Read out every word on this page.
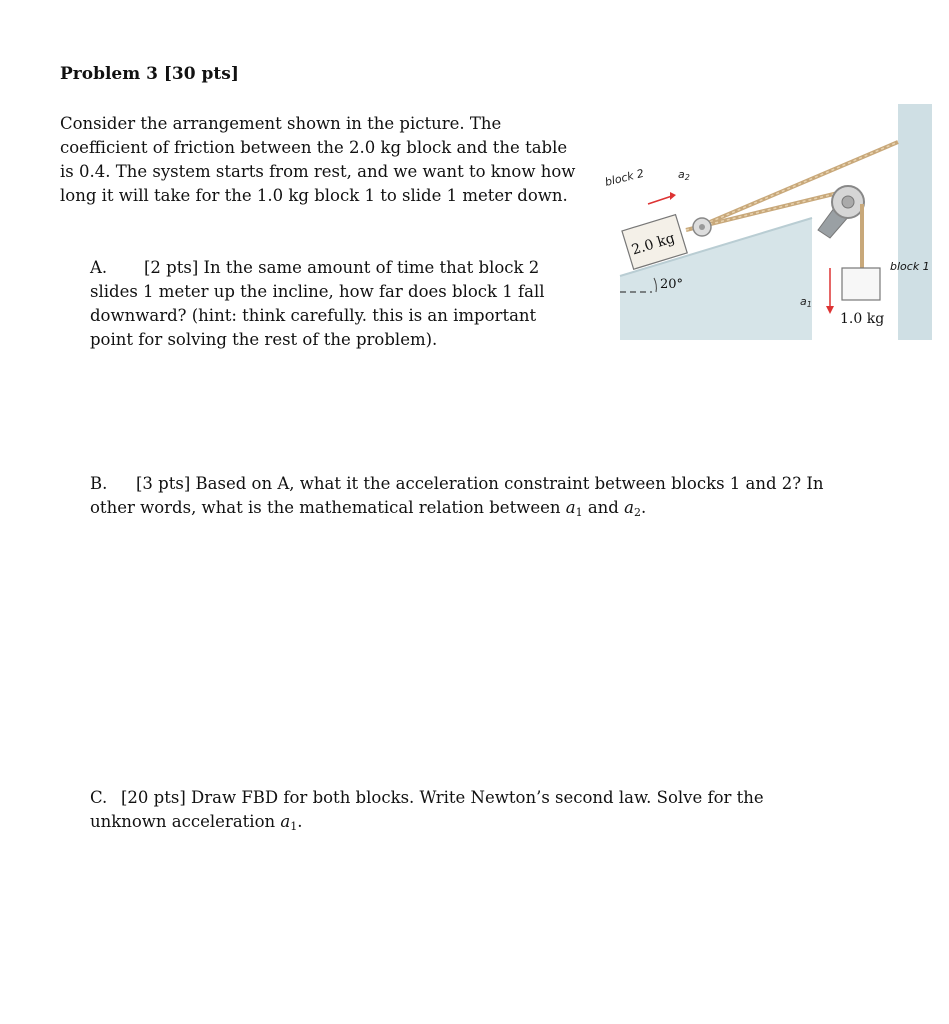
Problem 3 [30 pts]
Consider the arrangement shown in the picture. The coefficient of friction between the 2.0 kg block and the table is 0.4. The system starts from rest, and we want to know how long it will take for the 1.0 kg block 1 to slide 1 meter down.
A. [2 pts] In the same amount of time that block 2 slides 1 meter up the incline, how far does block 1 fall downward? (hint: think carefully. this is an important point for solving the rest of the problem).
B. [3 pts] Based on A, what it the acceleration constraint between blocks 1 and 2? In other words, what is the mathematical relation between $a_1$ and $a_2$.
C. [20 pts] Draw FBD for both blocks. Write Newton’s second law. Solve for the unknown acceleration $a_1$.
20°
2.0 kg
1.0 kg
a1
a2
block 2
block 1
